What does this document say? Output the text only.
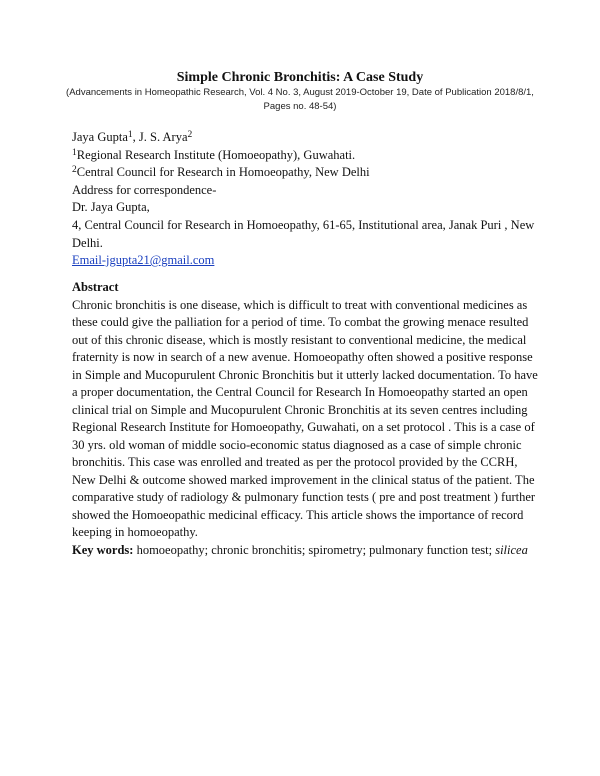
Simple Chronic Bronchitis: A Case Study
(Advancements in Homeopathic Research, Vol. 4 No. 3, August 2019-October 19, Date of Publication 2018/8/1, Pages no. 48-54)
Jaya Gupta$^1$, J. S. Arya$^2$
$^1$Regional Research Institute (Homoeopathy), Guwahati.
$^2$Central Council for Research in Homoeopathy, New Delhi
Address for correspondence-
Dr. Jaya Gupta,
4, Central Council for Research in Homoeopathy, 61-65, Institutional area, Janak Puri , New Delhi.
Email-jgupta21@gmail.com
Abstract

Chronic bronchitis is one disease, which is difficult to treat with conventional medicines as these could give the palliation for a period of time. To combat the growing menace resulted out of this chronic disease, which is mostly resistant to conventional medicine, the medical fraternity is now in search of a new avenue. Homoeopathy often showed a positive response in Simple and Mucopurulent Chronic Bronchitis but it utterly lacked documentation. To have a proper documentation, the Central Council for Research In Homoeopathy started an open clinical trial on Simple and Mucopurulent Chronic Bronchitis at its seven centres including Regional Research Institute for Homoeopathy, Guwahati, on a set protocol . This is a case of 30 yrs. old woman of middle socio-economic status diagnosed as a case of simple chronic bronchitis. This case was enrolled and treated as per the protocol provided by the CCRH, New Delhi & outcome showed marked improvement in the clinical status of the patient. The comparative study of radiology & pulmonary function tests ( pre and post treatment ) further showed the Homoeopathic medicinal efficacy. This article shows the importance of record keeping in homoeopathy.

Key words: homoeopathy; chronic bronchitis; spirometry; pulmonary function test; silicea
